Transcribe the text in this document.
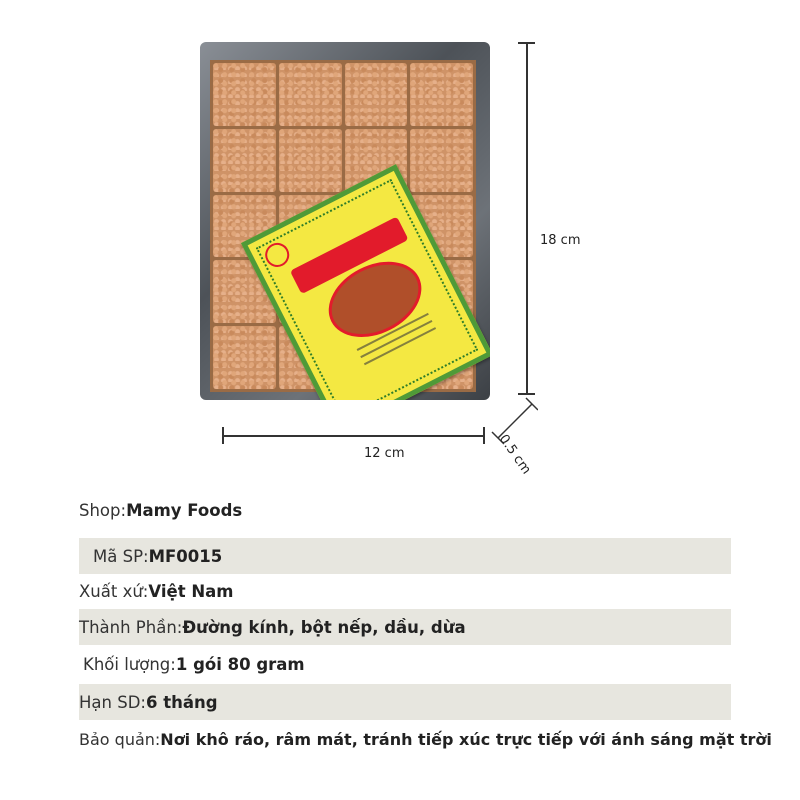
18 cm
12 cm	0.5 cm
Shop: Mamy Foods
Mã SP: MF0015
Xuất xứ: Việt Nam
Thành Phần: Đường kính, bột nếp, dầu, dừa
Khối lượng: 1 gói 80 gram
Hạn SD: 6 tháng
Bảo quản: Nơi khô ráo, râm mát, tránh tiếp xúc trực tiếp với ánh sáng mặt trời
